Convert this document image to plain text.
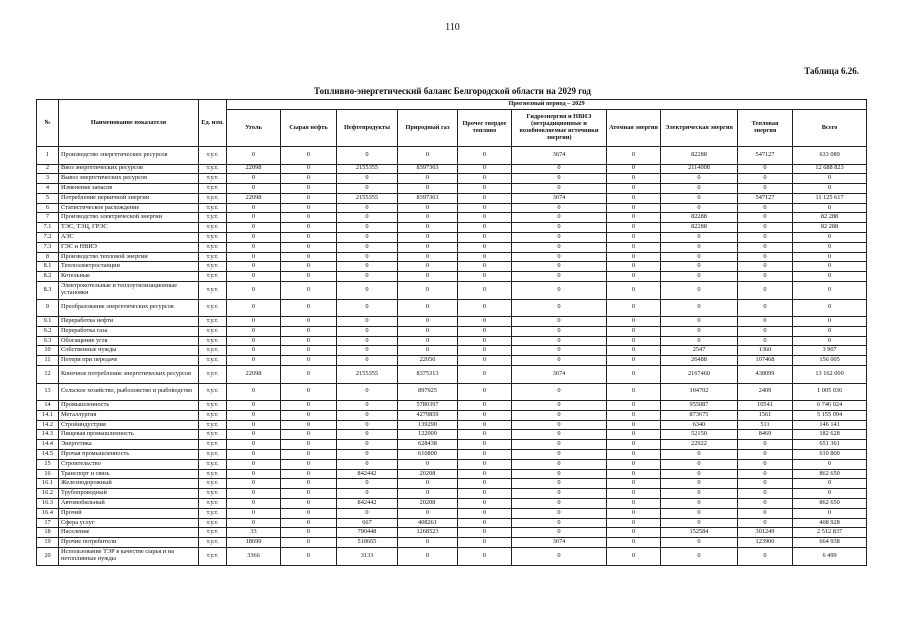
110
Таблица 6.26.
Топливно-энергетический баланс Белгородской области на 2029 год
№	Наименование показателя	Ед. изм.	Прогнозный период – 2029									
			Уголь	Сырая нефть	Нефтепродукты	Природный газ	Прочее твердое топливо	Гидроэнергия и НВИЭ (нетрадиционные и возобновляемые источники энергии)	Атомная энергия	Электрическая энергия	Тепловая энергия	Всего
1	Производство энергетических ресурсов	т.у.т.	0	0	0	0	0	3674	0	82288	547127	633 089
2	Ввоз энергетических ресурсов	т.у.т.	22098	0	2155355	8397363	0	0	0	2114008	0	12 688 823
3	Вывоз энергетических ресурсов	т.у.т.	0	0	0	0	0	0	0	0	0	0
4	Изменение запасов	т.у.т.	0	0	0	0	0	0	0	0	0	0
5	Потребление первичной энергии	т.у.т.	22098	0	2155355	8397363	0	3674	0	0	547127	11 125 617
6	Статистическое расхождение	т.у.т.	0	0	0	0	0	0	0	0	0	0
7	Производство электрической энергии	т.у.т.	0	0	0	0	0	0	0	82288	0	82 288
7.1	ТЭС, ТЭЦ, ГРЭС	т.у.т.	0	0	0	0	0	0	0	82288	0	82 288
7.2	АЭС	т.у.т.	0	0	0	0	0	0	0	0	0	0
7.3	ГЭС и НВИЭ	т.у.т.	0	0	0	0	0	0	0	0	0	0
8	Производство тепловой энергии	т.у.т.	0	0	0	0	0	0	0	0	0	0
8.1	Теплоэлектростанции	т.у.т.	0	0	0	0	0	0	0	0	0	0
8.2	Котельные	т.у.т.	0	0	0	0	0	0	0	0	0	0
8.3	Электрокотельные и теплоутилизационные установки	т.у.т.	0	0	0	0	0	0	0	0	0	0
9	Преобразование энергетических ресурсов	т.у.т.	0	0	0	0	0	0	0	0	0	0
9.1	Переработка нефти	т.у.т.	0	0	0	0	0	0	0	0	0	0
9.2	Переработка газа	т.у.т.	0	0	0	0	0	0	0	0	0	0
9.3	Обогащение угля	т.у.т.	0	0	0	0	0	0	0	0	0	0
10	Собственные нужды	т.у.т.	0	0	0	0	0	0	0	2547	1360	3 907
11	Потери при передаче	т.у.т.	0	0	0	22050	0	0	0	26488	107468	156 005
12	Конечное потребление энергетических ресурсов	т.у.т.	22098	0	2155355	8375313	0	3674	0	2167460	438099	13 162 000
13	Сельское хозяйство, рыболовство и рыбоводство	т.у.т.	0	0	0	897925	0	0	0	104702	2409	1 005 036
14	Промышленность	т.у.т.	0	0	0	5780397	0	0	0	955087	10541	6 746 024
14.1	Металлургия	т.у.т.	0	0	0	4279859	0	0	0	873675	1561	5 155 094
14.2	Стройиндустрия	т.у.т.	0	0	0	139290	0	0	0	6340	511	146 141
14.3	Пищевая промышленность	т.у.т.	0	0	0	122009	0	0	0	52150	8469	182 628
14.4	Энергетика	т.у.т.	0	0	0	628438	0	0	0	22922	0	651 361
14.5	Прочая промышленность	т.у.т.	0	0	0	610800	0	0	0	0	0	610 800
15	Строительство	т.у.т.	0	0	0	0	0	0	0	0	0	0
16	Транспорт и связь	т.у.т.	0	0	842442	20208	0	0	0	0	0	862 650
16.1	Железнодорожный	т.у.т.	0	0	0	0	0	0	0	0	0	0
16.2	Трубопроводный	т.у.т.	0	0	0	0	0	0	0	0	0	0
16.3	Автомобильный	т.у.т.	0	0	842442	20208	0	0	0	0	0	862 650
16.4	Прочий	т.у.т.	0	0	0	0	0	0	0	0	0	0
17	Сфера услуг	т.у.т.	0	0	667	408261	0	0	0	0	0	408 928
18	Население	т.у.т.	33	0	790448	1268523	0	0	0	152584	301249	2 512 837
19	Прочие потребители	т.у.т.	18699	0	518665	0	0	3674	0	0	123900	664 938
20	Использование ТЭР в качестве сырья и на нетопливные нужды	т.у.т.	3366	0	3133	0	0	0	0	0	0	6 499
